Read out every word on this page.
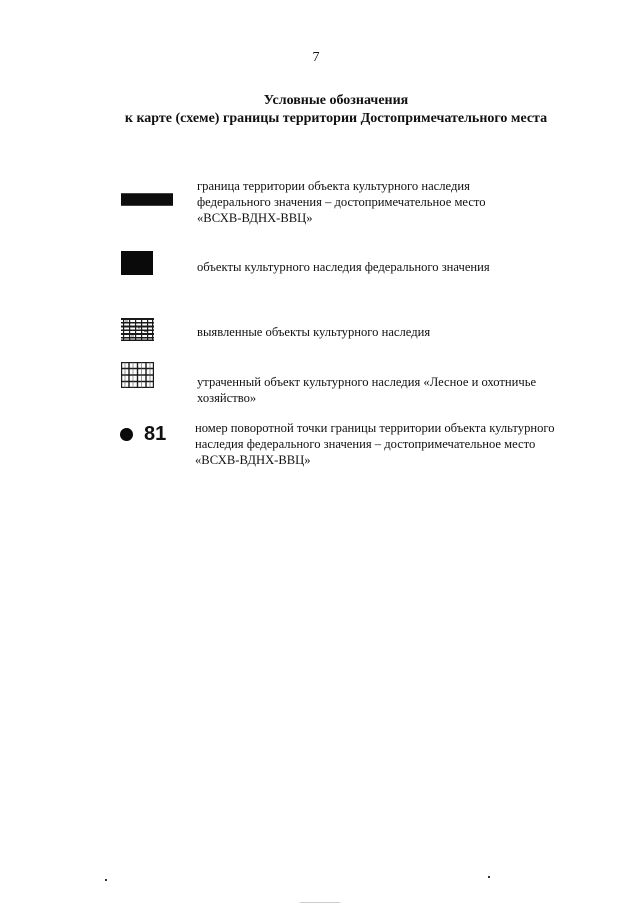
7
Условные обозначения
к карте (схеме) границы территории Достопримечательного места
граница территории объекта культурного наследия
федерального значения – достопримечательное место
«ВСХВ-ВДНХ-ВВЦ»
объекты культурного наследия федерального значения
выявленные объекты культурного наследия
утраченный объект культурного наследия «Лесное и охотничье
хозяйство»
81 номер поворотной точки границы территории объекта культурного
наследия федерального значения – достопримечательное место
«ВСХВ-ВДНХ-ВВЦ»
